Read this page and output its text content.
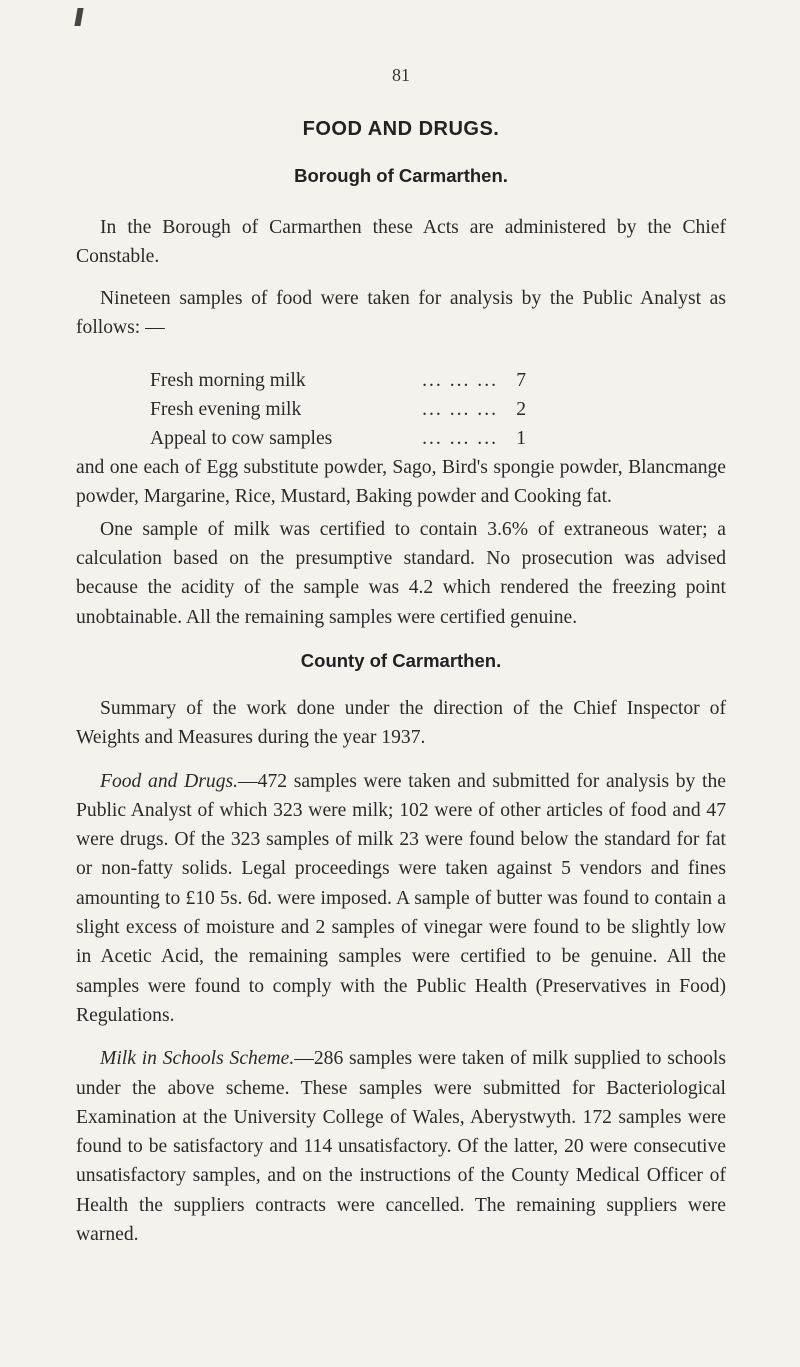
81
FOOD AND DRUGS.
Borough of Carmarthen.

In the Borough of Carmarthen these Acts are administered by the Chief Constable.

Nineteen samples of food were taken for analysis by the Public Analyst as follows: —

Fresh morning milk	... ... ... 7
Fresh evening milk	... ... ... 2
Appeal to cow samples	... ... ... 1

and one each of Egg substitute powder, Sago, Bird's spongie powder, Blancmange powder, Margarine, Rice, Mustard, Baking powder and Cooking fat.

One sample of milk was certified to contain 3.6% of extraneous water; a calculation based on the presumptive standard. No prosecution was advised because the acidity of the sample was 4.2 which rendered the freezing point unobtainable. All the remaining samples were certified genuine.

County of Carmarthen.

Summary of the work done under the direction of the Chief Inspector of Weights and Measures during the year 1937.

Food and Drugs.—472 samples were taken and submitted for analysis by the Public Analyst of which 323 were milk; 102 were of other articles of food and 47 were drugs. Of the 323 samples of milk 23 were found below the standard for fat or non-fatty solids. Legal proceedings were taken against 5 vendors and fines amounting to £10 5s. 6d. were imposed. A sample of butter was found to contain a slight excess of moisture and 2 samples of vinegar were found to be slightly low in Acetic Acid, the remaining samples were certified to be genuine. All the samples were found to comply with the Public Health (Preservatives in Food) Regulations.

Milk in Schools Scheme.—286 samples were taken of milk supplied to schools under the above scheme. These samples were submitted for Bacteriological Examination at the University College of Wales, Aberystwyth. 172 samples were found to be satisfactory and 114 unsatisfactory. Of the latter, 20 were consecutive unsatisfactory samples, and on the instructions of the County Medical Officer of Health the suppliers contracts were cancelled. The remaining suppliers were warned.
